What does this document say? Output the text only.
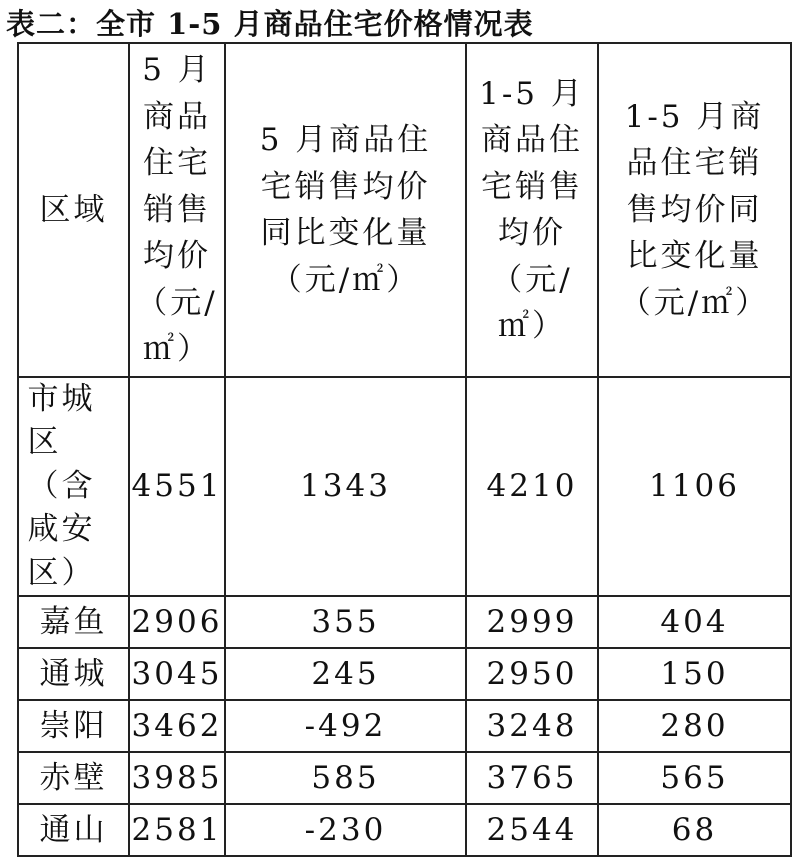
表二：全市 1-5 月商品住宅价格情况表
区域	5 月商品住宅销售均价（元/㎡）	5 月商品住宅销售均价同比变化量（元/㎡）	1-5 月商品住宅销售均价（元/㎡）	1-5 月商品住宅销售均价同比变化量（元/㎡）

市城区（含咸安区）	4551	1343	4210	1106
嘉鱼	2906	355	2999	404
通城	3045	245	2950	150
崇阳	3462	-492	3248	280
赤壁	3985	585	3765	565
通山	2581	-230	2544	68
